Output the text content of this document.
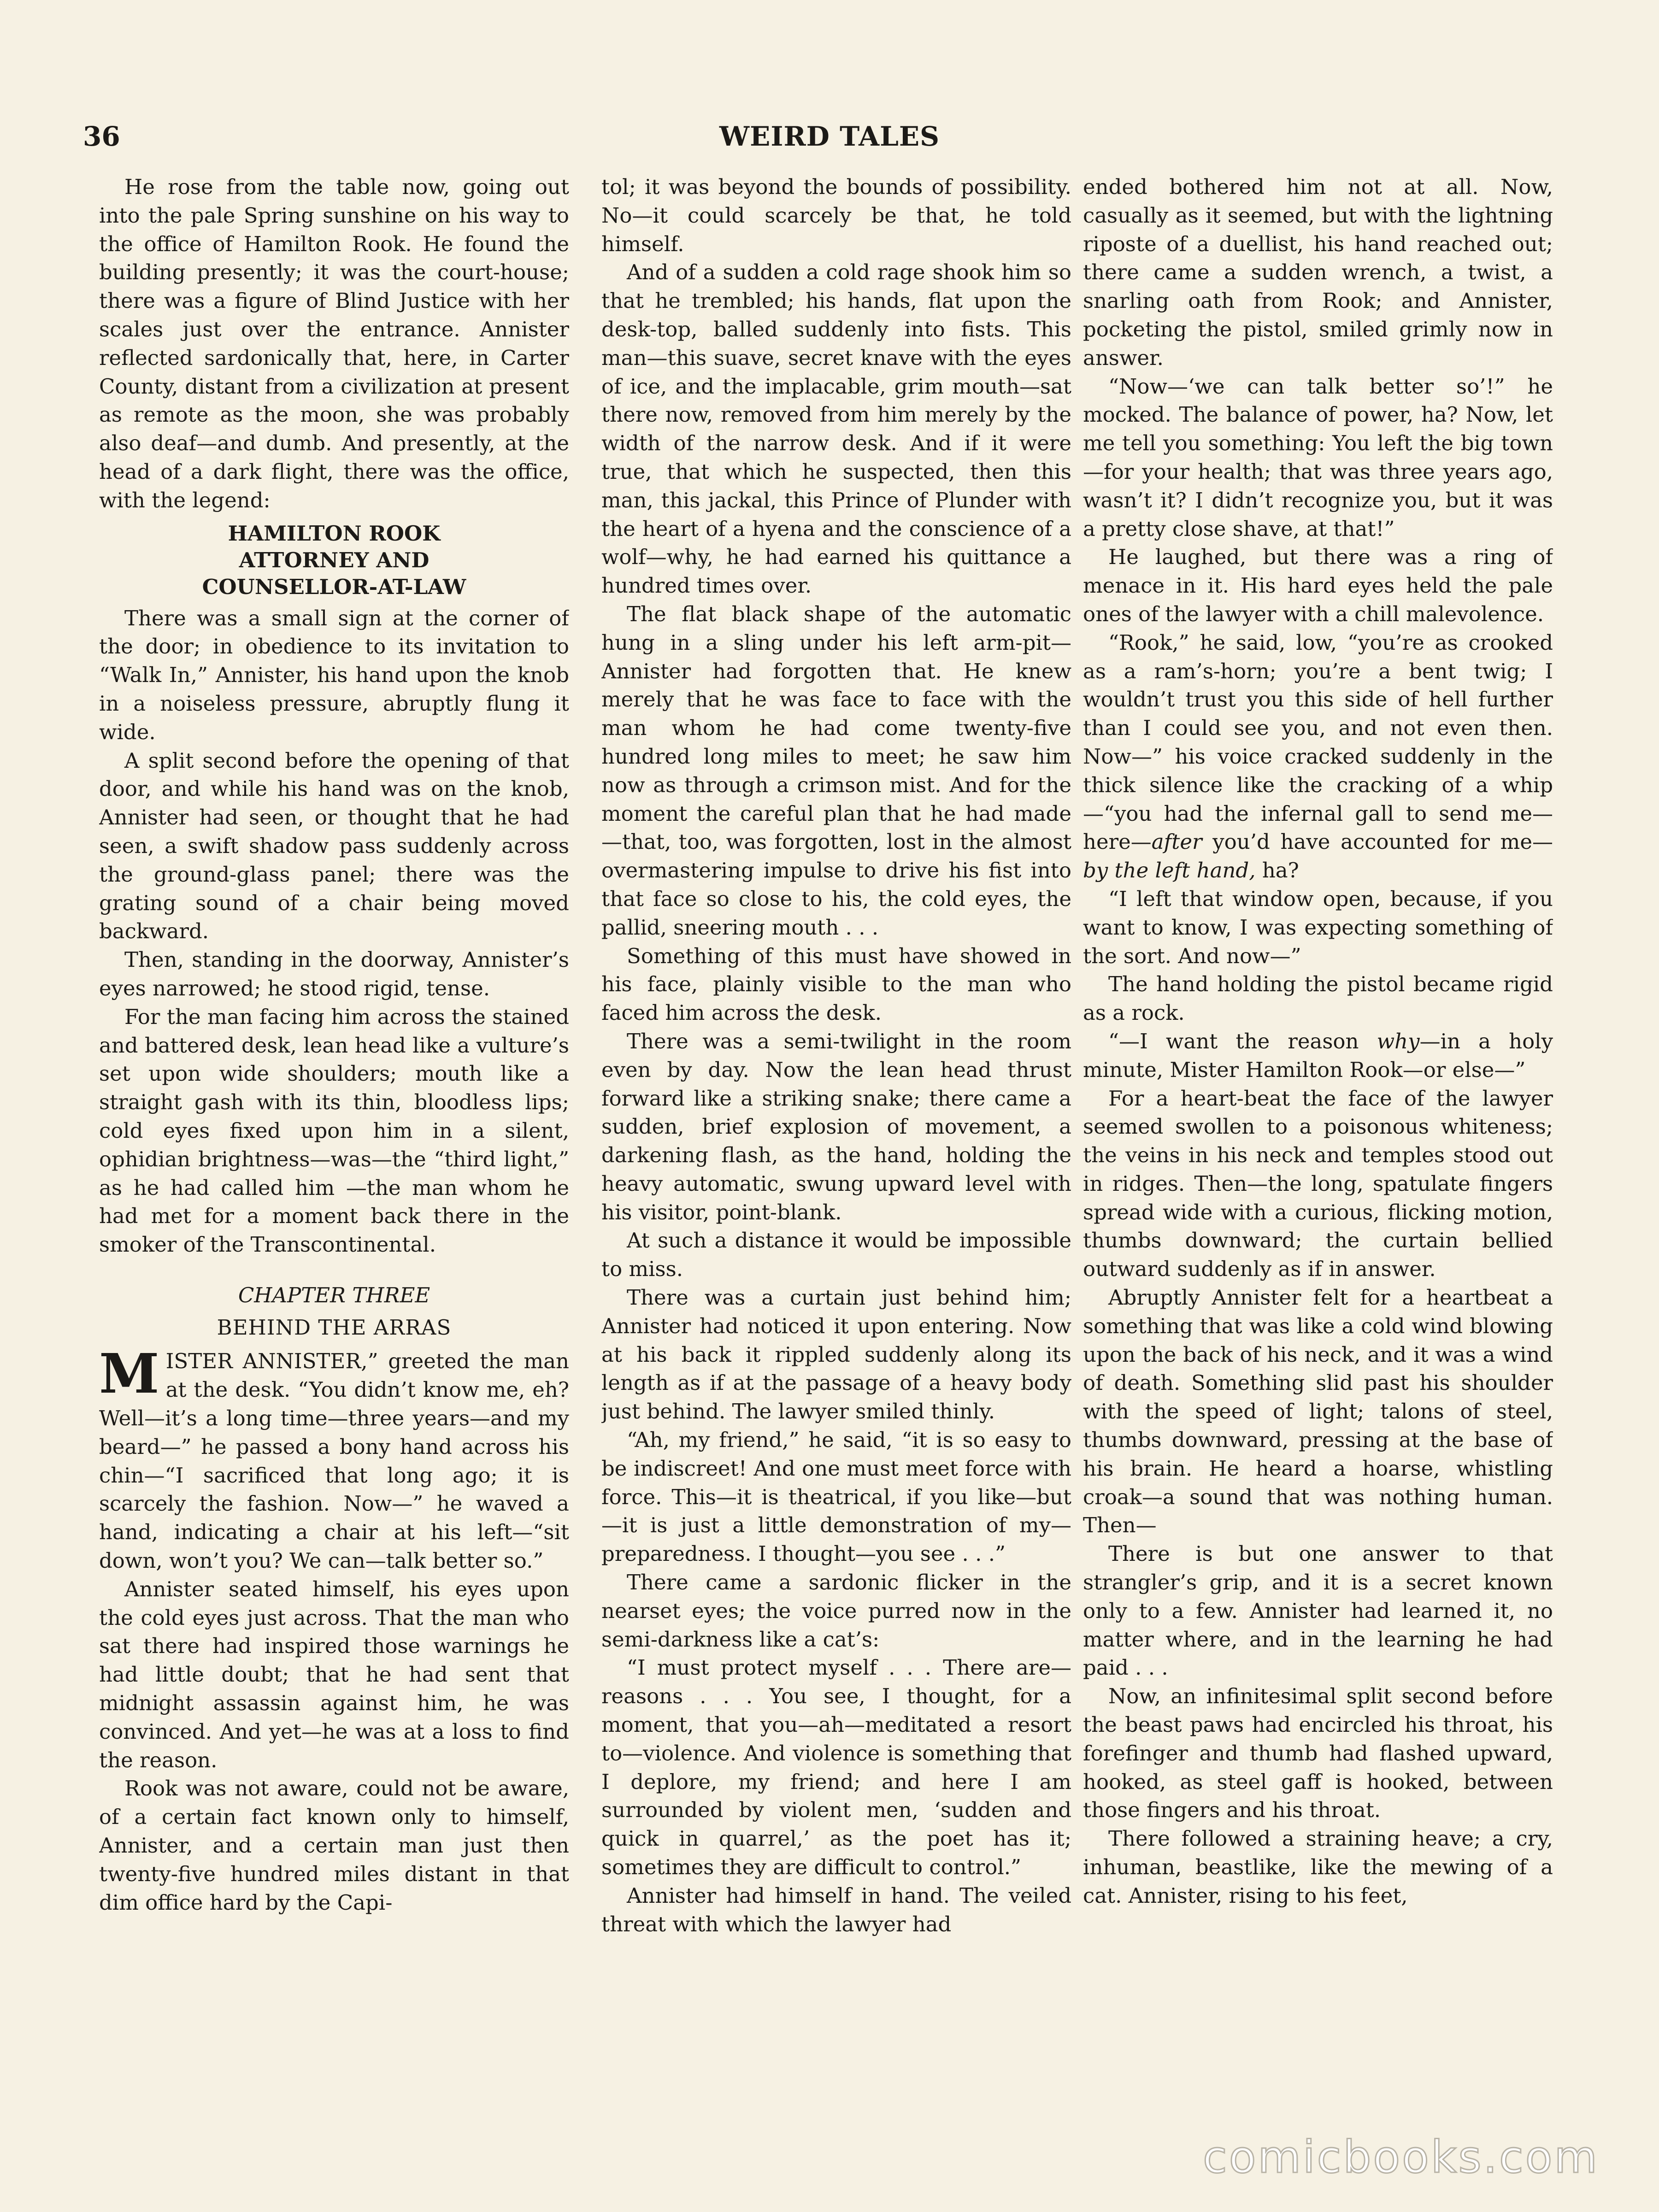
36	WEIRD TALES

He rose from the table now, going out into the pale Spring sunshine on his way to the office of Hamilton Rook. He found the building presently; it was the court-house; there was a figure of Blind Justice with her scales just over the entrance. Annister reflected sardonically that, here, in Carter County, distant from a civilization at present as remote as the moon, she was probably also deaf—and dumb. And presently, at the head of a dark flight, there was the office, with the legend:

HAMILTON ROOK
ATTORNEY AND
COUNSELLOR-AT-LAW

There was a small sign at the corner of the door; in obedience to its invitation to “Walk In,” Annister, his hand upon the knob in a noiseless pressure, abruptly flung it wide.

A split second before the opening of that door, and while his hand was on the knob, Annister had seen, or thought that he had seen, a swift shadow pass suddenly across the ground-glass panel; there was the grating sound of a chair being moved backward.

Then, standing in the doorway, Annister’s eyes narrowed; he stood rigid, tense.

For the man facing him across the stained and battered desk, lean head like a vulture’s set upon wide shoulders; mouth like a straight gash with its thin, bloodless lips; cold eyes fixed upon him in a silent, ophidian brightness—was—the “third light,” as he had called him —the man whom he had met for a moment back there in the smoker of the Transcontinental.

CHAPTER THREE
BEHIND THE ARRAS

MISTER ANNISTER,” greeted the man at the desk. “You didn’t know me, eh? Well—it’s a long time—three years—and my beard—” he passed a bony hand across his chin—“I sacrificed that long ago; it is scarcely the fashion. Now—” he waved a hand, indicating a chair at his left—“sit down, won’t you? We can—talk better so.”

Annister seated himself, his eyes upon the cold eyes just across. That the man who sat there had inspired those warnings he had little doubt; that he had sent that midnight assassin against him, he was convinced. And yet—he was at a loss to find the reason.

Rook was not aware, could not be aware, of a certain fact known only to himself, Annister, and a certain man just then twenty-five hundred miles distant in that dim office hard by the Capi-

tol; it was beyond the bounds of possibility. No—it could scarcely be that, he told himself.

And of a sudden a cold rage shook him so that he trembled; his hands, flat upon the desk-top, balled suddenly into fists. This man—this suave, secret knave with the eyes of ice, and the implacable, grim mouth—sat there now, removed from him merely by the width of the narrow desk. And if it were true, that which he suspected, then this man, this jackal, this Prince of Plunder with the heart of a hyena and the conscience of a wolf—why, he had earned his quittance a hundred times over.

The flat black shape of the automatic hung in a sling under his left arm-pit—Annister had forgotten that. He knew merely that he was face to face with the man whom he had come twenty-five hundred long miles to meet; he saw him now as through a crimson mist. And for the moment the careful plan that he had made—that, too, was forgotten, lost in the almost overmastering impulse to drive his fist into that face so close to his, the cold eyes, the pallid, sneering mouth . . .

Something of this must have showed in his face, plainly visible to the man who faced him across the desk.

There was a semi-twilight in the room even by day. Now the lean head thrust forward like a striking snake; there came a sudden, brief explosion of movement, a darkening flash, as the hand, holding the heavy automatic, swung upward level with his visitor, point-blank.

At such a distance it would be impossible to miss.

There was a curtain just behind him; Annister had noticed it upon entering. Now at his back it rippled suddenly along its length as if at the passage of a heavy body just behind. The lawyer smiled thinly.

“Ah, my friend,” he said, “it is so easy to be indiscreet! And one must meet force with force. This—it is theatrical, if you like—but—it is just a little demonstration of my—preparedness. I thought—you see . . .”

There came a sardonic flicker in the nearset eyes; the voice purred now in the semi-darkness like a cat’s:

“I must protect myself . . . There are—reasons . . . You see, I thought, for a moment, that you—ah—meditated a resort to—violence. And violence is something that I deplore, my friend; and here I am surrounded by violent men, ‘sudden and quick in quarrel,’ as the poet has it; sometimes they are difficult to control.”

Annister had himself in hand. The veiled threat with which the lawyer had

ended bothered him not at all. Now, casually as it seemed, but with the lightning riposte of a duellist, his hand reached out; there came a sudden wrench, a twist, a snarling oath from Rook; and Annister, pocketing the pistol, smiled grimly now in answer.

“Now—‘we can talk better so’!” he mocked. The balance of power, ha? Now, let me tell you something: You left the big town—for your health; that was three years ago, wasn’t it? I didn’t recognize you, but it was a pretty close shave, at that!”

He laughed, but there was a ring of menace in it. His hard eyes held the pale ones of the lawyer with a chill malevolence.

“Rook,” he said, low, “you’re as crooked as a ram’s-horn; you’re a bent twig; I wouldn’t trust you this side of hell further than I could see you, and not even then. Now—” his voice cracked suddenly in the thick silence like the cracking of a whip—“you had the infernal gall to send me—here—after you’d have accounted for me—by the left hand, ha?

“I left that window open, because, if you want to know, I was expecting something of the sort. And now—”

The hand holding the pistol became rigid as a rock.

“—I want the reason why—in a holy minute, Mister Hamilton Rook—or else—”

For a heart-beat the face of the lawyer seemed swollen to a poisonous whiteness; the veins in his neck and temples stood out in ridges. Then—the long, spatulate fingers spread wide with a curious, flicking motion, thumbs downward; the curtain bellied outward suddenly as if in answer.

Abruptly Annister felt for a heartbeat a something that was like a cold wind blowing upon the back of his neck, and it was a wind of death. Something slid past his shoulder with the speed of light; talons of steel, thumbs downward, pressing at the base of his brain. He heard a hoarse, whistling croak—a sound that was nothing human. Then—

There is but one answer to that strangler’s grip, and it is a secret known only to a few. Annister had learned it, no matter where, and in the learning he had paid . . .

Now, an infinitesimal split second before the beast paws had encircled his throat, his forefinger and thumb had flashed upward, hooked, as steel gaff is hooked, between those fingers and his throat.

There followed a straining heave; a cry, inhuman, beastlike, like the mewing of a cat. Annister, rising to his feet,

comicbooks.com
